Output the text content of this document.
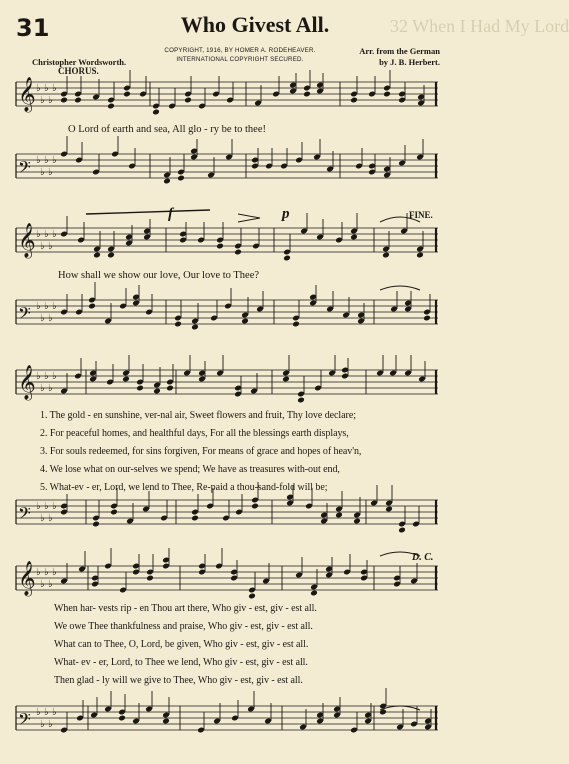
31	Who Givest All.	32 When I Had My Lord
COPYRIGHT, 1916, BY HOMER A. RODEHEAVER.
INTERNATIONAL COPYRIGHT SECURED.
Christopher Wordsworth.
Arr. from the German
by J. B. Herbert.
𝄞 ♭
♭
♭
♭
♭
𝄢 ♭
♭
♭
♭
♭
𝄞 ♭
♭
♭
♭
♭
𝄢 ♭
♭
♭
♭
♭
𝄞 ♭
♭
♭
♭
♭
𝄢 ♭
♭
♭
♭
♭
𝄞 ♭
♭
♭
♭
♭
𝄢 ♭
♭
♭
♭
♭
CHORUS.
f	p	FINE.
D. C.
O Lord of earth and sea, All glo - ry be to thee!
How shall we show our love, Our love to Thee?
1. The gold - en sunshine, ver-nal air, Sweet flowers and fruit, Thy love declare;
2. For peaceful homes, and healthful days, For all the blessings earth displays,
3. For souls redeemed, for sins forgiven, For means of grace and hopes of heav'n,
4. We lose what on our-selves we spend; We have as treasures with-out end,
5. What-ev - er, Lord, we lend to Thee, Re-paid a thou-sand-fold will be;
When har- vests rip - en Thou art there, Who giv - est, giv - est all.
We owe Thee thankfulness and praise, Who giv - est, giv - est all.
What can to Thee, O, Lord, be given, Who giv - est, giv - est all.
What- ev - er, Lord, to Thee we lend, Who giv - est, giv - est all.
Then glad - ly will we give to Thee, Who giv - est, giv - est all.
